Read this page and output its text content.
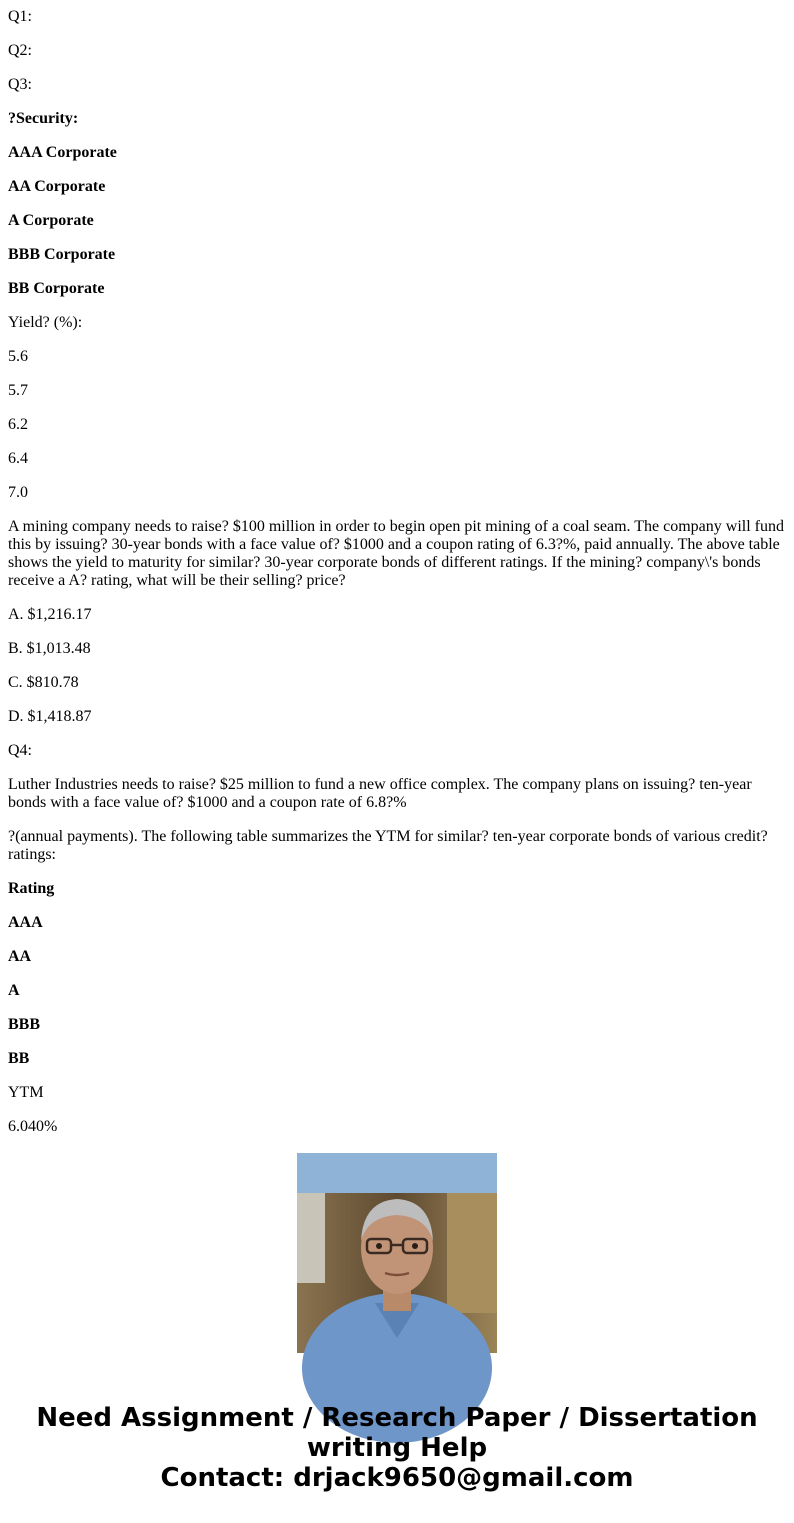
Q1:

Q2:

Q3:

?Security:

AAA Corporate

AA Corporate

A Corporate

BBB Corporate

BB Corporate

Yield? (%):

5.6

5.7

6.2

6.4

7.0

A mining company needs to raise? $100 million in order to begin open pit mining of a coal seam. The company will fund this by issuing? 30-year bonds with a face value of? $1000 and a coupon rating of 6.3?%, paid annually. The above table shows the yield to maturity for similar? 30-year corporate bonds of different ratings. If the mining? company\'s bonds receive a A? rating, what will be their selling? price?

A. $1,216.17

B. $1,013.48

C. $810.78

D. $1,418.87

Q4:

Luther Industries needs to raise? $25 million to fund a new office complex. The company plans on issuing? ten-year bonds with a face value of? $1000 and a coupon rate of 6.8?%

?(annual payments). The following table summarizes the YTM for similar? ten-year corporate bonds of various credit? ratings:

Rating

AAA

AA

A

BBB

BB

YTM

6.040%

Need Assignment / Research Paper / Dissertation
writing Help
Contact: drjack9650@gmail.com
